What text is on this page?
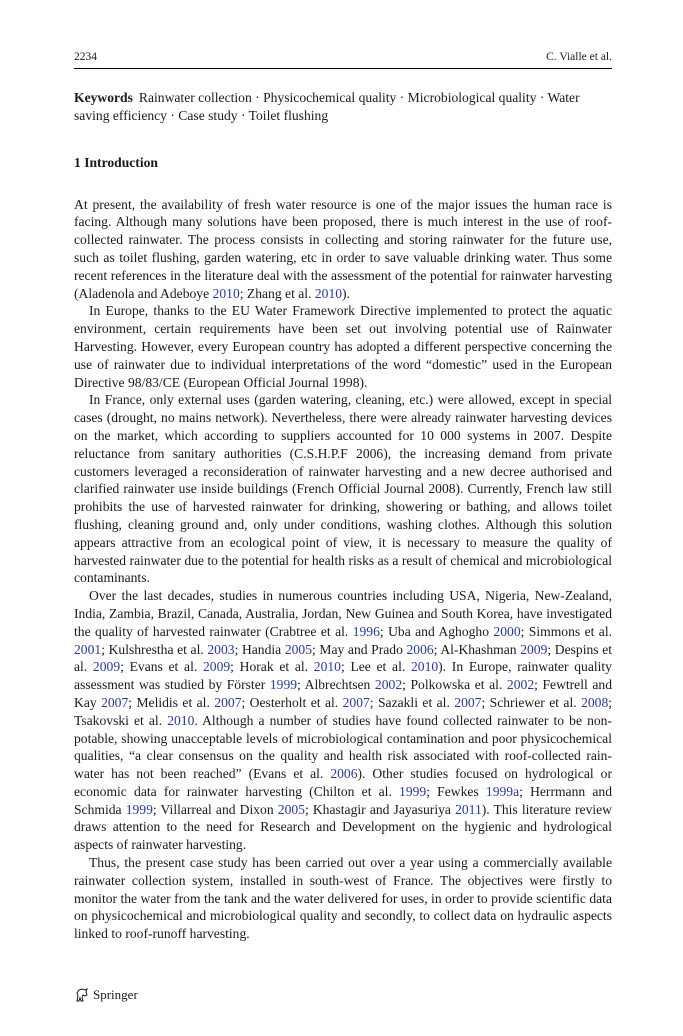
2234	C. Vialle et al.
Keywords Rainwater collection · Physicochemical quality · Microbiological quality · Water saving efficiency · Case study · Toilet flushing
1 Introduction

At present, the availability of fresh water resource is one of the major issues the human race is facing. Although many solutions have been proposed, there is much interest in the use of roof-collected rainwater. The process consists in collecting and storing rainwater for the future use, such as toilet flushing, garden watering, etc in order to save valuable drinking water. Thus some recent references in the literature deal with the assessment of the potential for rainwater harvesting (Aladenola and Adeboye 2010; Zhang et al. 2010).

In Europe, thanks to the EU Water Framework Directive implemented to protect the aquatic environment, certain requirements have been set out involving potential use of Rainwater Harvesting. However, every European country has adopted a different perspective concerning the use of rainwater due to individual interpretations of the word “domestic” used in the European Directive 98/83/CE (European Official Journal 1998).

In France, only external uses (garden watering, cleaning, etc.) were allowed, except in special cases (drought, no mains network). Nevertheless, there were already rainwater harvesting devices on the market, which according to suppliers accounted for 10 000 systems in 2007. Despite reluctance from sanitary authorities (C.S.H.P.F 2006), the increasing demand from private customers leveraged a reconsideration of rainwater harvesting and a new decree authorised and clarified rainwater use inside buildings (French Official Journal 2008). Currently, French law still prohibits the use of harvested rainwater for drinking, showering or bathing, and allows toilet flushing, cleaning ground and, only under conditions, washing clothes. Although this solution appears attractive from an ecological point of view, it is necessary to measure the quality of harvested rainwater due to the potential for health risks as a result of chemical and microbiological contaminants.

Over the last decades, studies in numerous countries including USA, Nigeria, New-Zealand, India, Zambia, Brazil, Canada, Australia, Jordan, New Guinea and South Korea, have investigated the quality of harvested rainwater (Crabtree et al. 1996; Uba and Aghogho 2000; Simmons et al. 2001; Kulshrestha et al. 2003; Handia 2005; May and Prado 2006; Al-Khashman 2009; Despins et al. 2009; Evans et al. 2009; Horak et al. 2010; Lee et al. 2010). In Europe, rainwater quality assessment was studied by Förster 1999; Albrechtsen 2002; Polkowska et al. 2002; Fewtrell and Kay 2007; Melidis et al. 2007; Oesterholt et al. 2007; Sazakli et al. 2007; Schriewer et al. 2008; Tsakovski et al. 2010. Although a number of studies have found collected rainwater to be non-potable, showing unacceptable levels of microbiological contamination and poor physicochemical qualities, “a clear consensus on the quality and health risk associated with roof-collected rain-water has not been reached” (Evans et al. 2006). Other studies focused on hydrological or economic data for rainwater harvesting (Chilton et al. 1999; Fewkes 1999a; Herrmann and Schmida 1999; Villarreal and Dixon 2005; Khastagir and Jayasuriya 2011). This literature review draws attention to the need for Research and Development on the hygienic and hydrological aspects of rainwater harvesting.

Thus, the present case study has been carried out over a year using a commercially available rainwater collection system, installed in south-west of France. The objectives were firstly to monitor the water from the tank and the water delivered for uses, in order to provide scientific data on physicochemical and microbiological quality and secondly, to collect data on hydraulic aspects linked to roof-runoff harvesting.

Springer
